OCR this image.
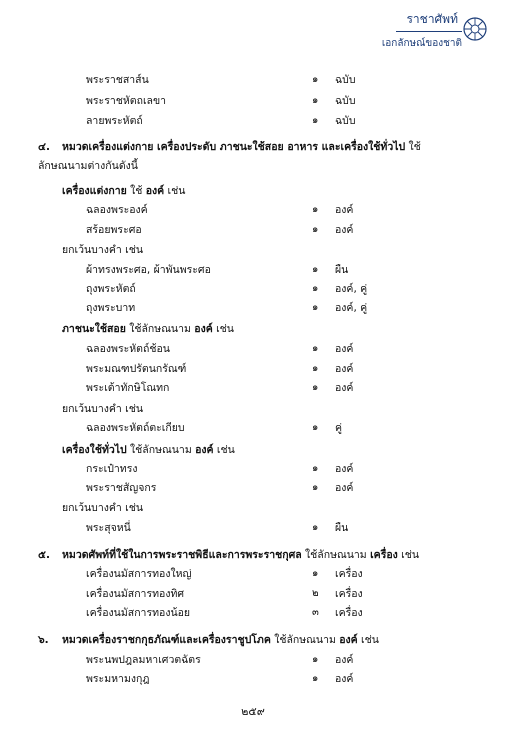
ราชาศัพท์
เอกลักษณ์ของชาติ
พระราชสาส์น	๑ ฉบับ
พระราชหัตถเลขา	๑ ฉบับ
ลายพระหัตถ์	๑ ฉบับ
๔. หมวดเครื่องแต่งกาย เครื่องประดับ ภาชนะใช้สอย อาหาร และเครื่องใช้ทั่วไป ใช้
ลักษณนามต่างกันดังนี้
เครื่องแต่งกาย ใช้ องค์ เช่น
ฉลองพระองค์	๑ องค์
สร้อยพระศอ	๑ องค์
ยกเว้นบางคำ เช่น
ผ้าทรงพระศอ, ผ้าพันพระศอ	๑ ผืน
ถุงพระหัตถ์	๑ องค์, คู่
ถุงพระบาท	๑ องค์, คู่
ภาชนะใช้สอย ใช้ลักษณนาม องค์ เช่น
ฉลองพระหัตถ์ช้อน	๑ องค์
พระมณฑปรัตนกรัณฑ์	๑ องค์
พระเต้าทักษิโณทก	๑ องค์
ยกเว้นบางคำ เช่น
ฉลองพระหัตถ์ตะเกียบ	๑ คู่
เครื่องใช้ทั่วไป ใช้ลักษณนาม องค์ เช่น
กระเป๋าทรง	๑ องค์
พระราชสัญจกร	๑ องค์
ยกเว้นบางคำ เช่น
พระสุจหนี่	๑ ผืน
๕. หมวดศัพท์ที่ใช้ในการพระราชพิธีและการพระราชกุศล ใช้ลักษณนาม เครื่อง เช่น
เครื่องนมัสการทองใหญ่	๑ เครื่อง
เครื่องนมัสการทองทิศ	๒ เครื่อง
เครื่องนมัสการทองน้อย	๓ เครื่อง
๖. หมวดเครื่องราชกกุธภัณฑ์และเครื่องราชูปโภค ใช้ลักษณนาม องค์ เช่น
พระนพปฎลมหาเศวตฉัตร	๑ องค์
พระมหามงกุฎ	๑ องค์
๒๕๙
